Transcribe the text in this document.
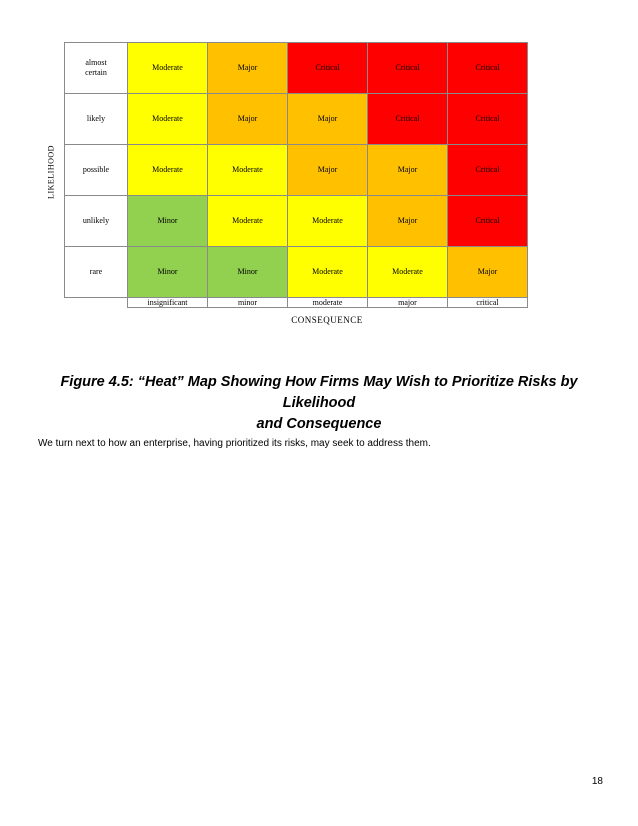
LIKELIHOOD
almost
certain	Moderate	Major	Critical	Critical	Critical
likely	Moderate	Major	Major	Critical	Critical
possible	Moderate	Moderate	Major	Major	Critical
unlikely	Minor	Moderate	Moderate	Major	Critical
rare	Minor	Minor	Moderate	Moderate	Major
	insignificant	minor	moderate	major	critical
CONSEQUENCE
Figure 4.5: “Heat” Map Showing How Firms May Wish to Prioritize Risks by Likelihood
and Consequence
We turn next to how an enterprise, having prioritized its risks, may seek to address them.
18
